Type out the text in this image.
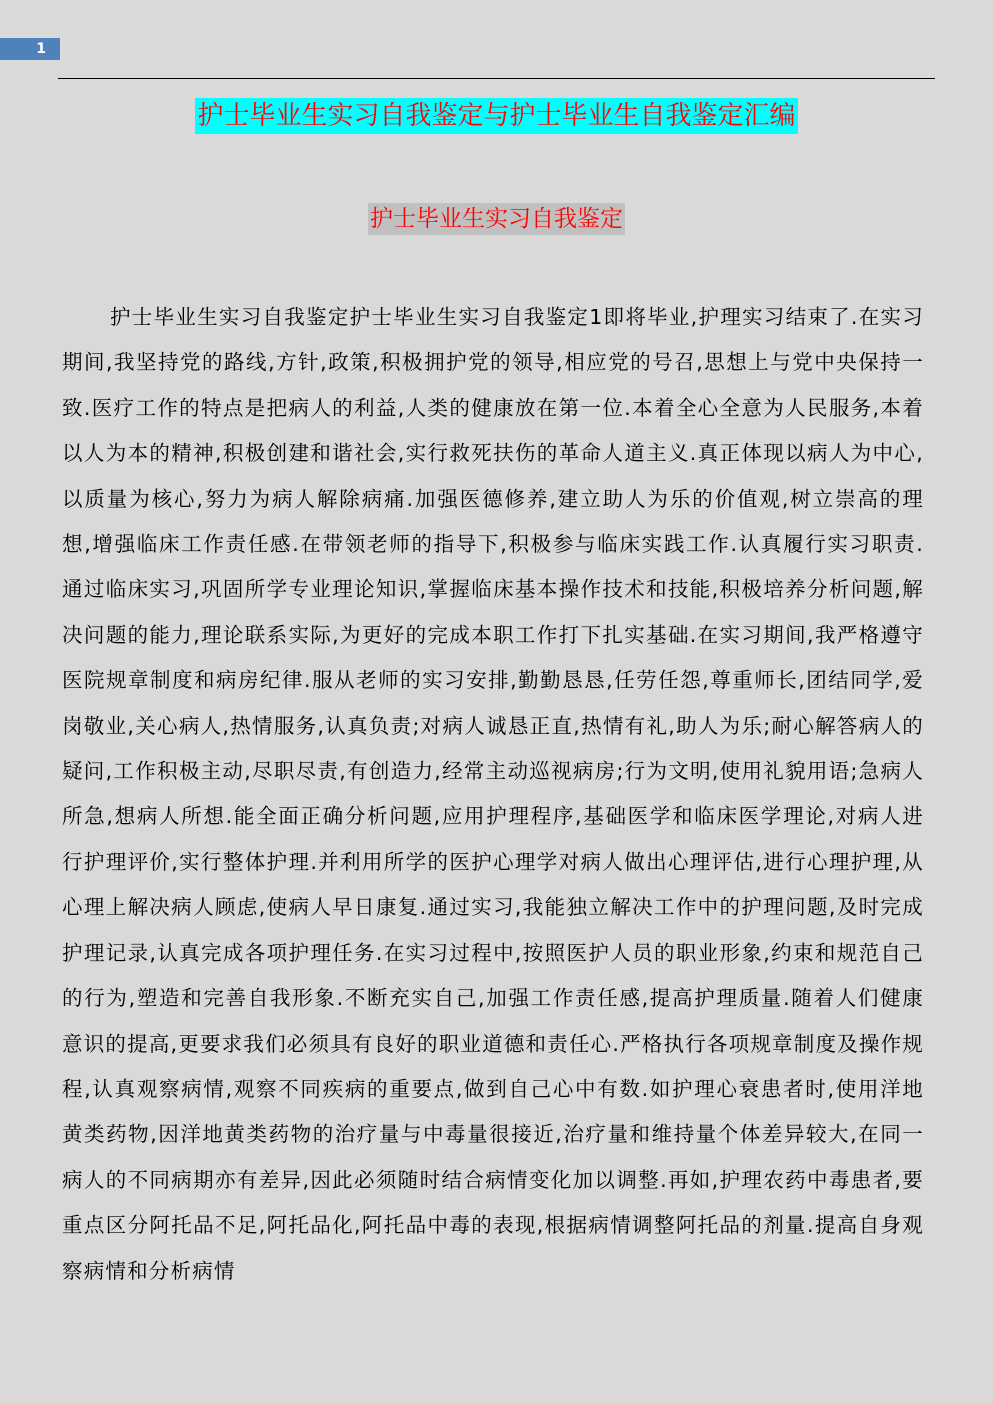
1
护士毕业生实习自我鉴定与护士毕业生自我鉴定汇编
护士毕业生实习自我鉴定

护士毕业生实习自我鉴定护士毕业生实习自我鉴定1即将毕业,护理实习结束了.在实习期间,我坚持党的路线,方针,政策,积极拥护党的领导,相应党的号召,思想上与党中央保持一致.医疗工作的特点是把病人的利益,人类的健康放在第一位.本着全心全意为人民服务,本着以人为本的精神,积极创建和谐社会,实行救死扶伤的革命人道主义.真正体现以病人为中心,以质量为核心,努力为病人解除病痛.加强医德修养,建立助人为乐的价值观,树立崇高的理想,增强临床工作责任感.在带领老师的指导下,积极参与临床实践工作.认真履行实习职责.通过临床实习,巩固所学专业理论知识,掌握临床基本操作技术和技能,积极培养分析问题,解决问题的能力,理论联系实际,为更好的完成本职工作打下扎实基础.在实习期间,我严格遵守医院规章制度和病房纪律.服从老师的实习安排,勤勤恳恳,任劳任怨,尊重师长,团结同学,爱岗敬业,关心病人,热情服务,认真负责;对病人诚恳正直,热情有礼,助人为乐;耐心解答病人的疑问,工作积极主动,尽职尽责,有创造力,经常主动巡视病房;行为文明,使用礼貌用语;急病人所急,想病人所想.能全面正确分析问题,应用护理程序,基础医学和临床医学理论,对病人进行护理评价,实行整体护理.并利用所学的医护心理学对病人做出心理评估,进行心理护理,从心理上解决病人顾虑,使病人早日康复.通过实习,我能独立解决工作中的护理问题,及时完成护理记录,认真完成各项护理任务.在实习过程中,按照医护人员的职业形象,约束和规范自己的行为,塑造和完善自我形象.不断充实自己,加强工作责任感,提高护理质量.随着人们健康意识的提高,更要求我们必须具有良好的职业道德和责任心.严格执行各项规章制度及操作规程,认真观察病情,观察不同疾病的重要点,做到自己心中有数.如护理心衰患者时,使用洋地黄类药物,因洋地黄类药物的治疗量与中毒量很接近,治疗量和维持量个体差异较大,在同一病人的不同病期亦有差异,因此必须随时结合病情变化加以调整.再如,护理农药中毒患者,要重点区分阿托品不足,阿托品化,阿托品中毒的表现,根据病情调整阿托品的剂量.提高自身观察病情和分析病情
